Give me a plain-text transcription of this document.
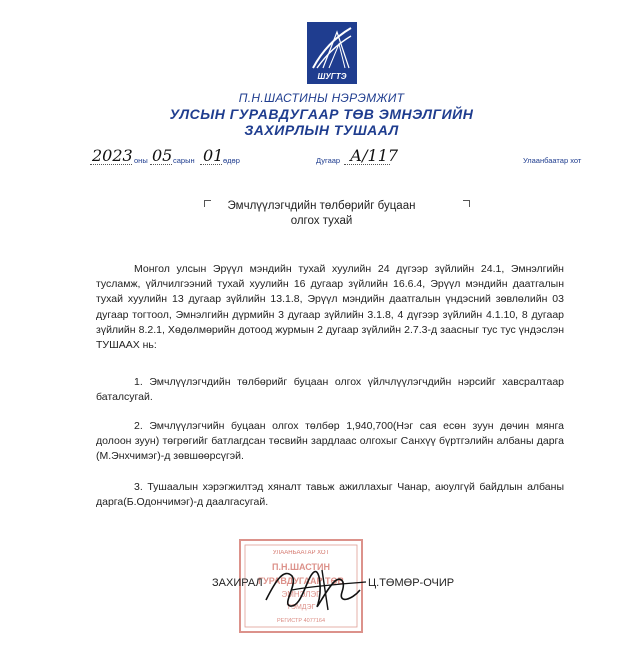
ШУГТЭ
П.Н.ШАСТИНЫ НЭРЭМЖИТ
УЛСЫН ГУРАВДУГААР ТӨВ ЭМНЭЛГИЙН
ЗАХИРЛЫН ТУШААЛ
2023 оны 05 сарын 01 өдөр	Дугаар А/117	Улаанбаатар хот
Эмчлүүлэгчдийн төлбөрийг буцаан
олгох тухай
Монгол улсын Эрүүл мэндийн тухай хуулийн 24 дүгээр зүйлийн 24.1, Эмнэлгийн тусламж, үйлчилгээний тухай хуулийн 16 дугаар зүйлийн 16.6.4, Эрүүл мэндийн даатгалын тухай хуулийн 13 дугаар зүйлийн 13.1.8, Эрүүл мэндийн даатгалын үндэсний зөвлөлийн 03 дугаар тогтоол, Эмнэлгийн дүрмийн 3 дугаар зүйлийн 3.1.8, 4 дүгээр зүйлийн 4.1.10, 8 дугаар зүйлийн 8.2.1, Хөдөлмөрийн дотоод журмын 2 дугаар зүйлийн 2.7.3-д заасныг тус тус үндэслэн ТУШААХ нь:
1. Эмчлүүлэгчдийн төлбөрийг буцаан олгох үйлчлүүлэгчдийн нэрсийг хавсралтаар баталсугай.
2. Эмчлүүлэгчийн буцаан олгох төлбөр 1,940,700(Нэг сая есөн зуун дөчин мянга долоон зуун) төгрөгийг батлагдсан төсвийн зардлаас олгохыг Санхүү бүртгэлийн албаны дарга (М.Энхчимэг)-д зөвшөөрсүгэй.
3. Тушаалын хэрэгжилтэд хяналт тавьж ажиллахыг Чанар, аюулгүй байдлын албаны дарга(Б.Одончимэг)-д даалгасугай.
УЛААНБААТАР ХОТ
П.Н.ШАСТИН
ГУРАВДУГААР ТӨВ
ЭМНЭЛЭГ
ТЭМДЭГ
РЕГИСТР 4077164
ЗАХИРАЛ	Ц.ТӨМӨР-ОЧИР
